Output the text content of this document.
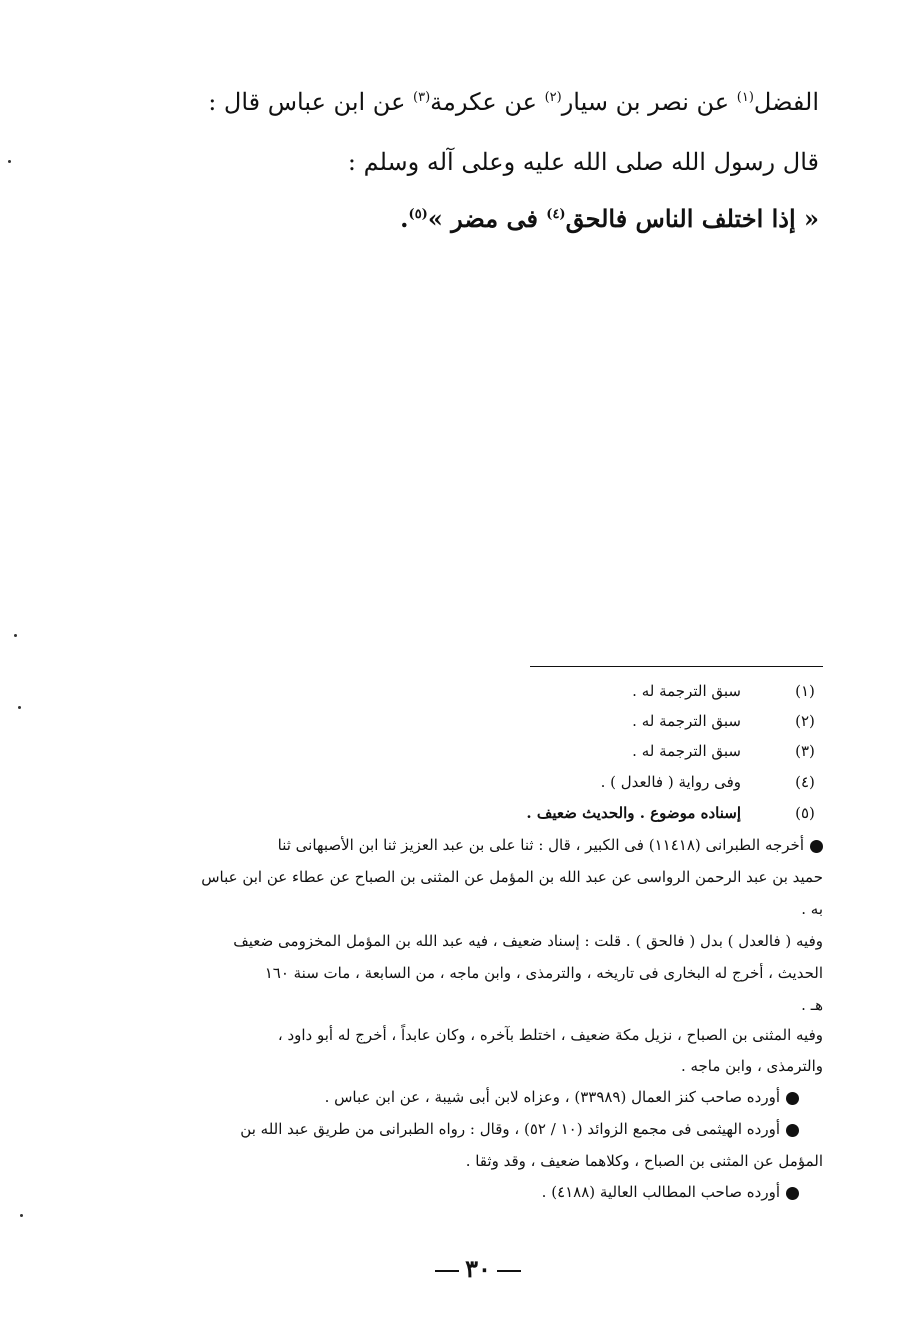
الفضل$^{(١)}$ عن نصر بن سيار$^{(٢)}$ عن عكرمة$^{(٣)}$ عن ابن عباس قال :
قال رسول الله صلى الله عليه وعلى آله وسلم :
« إذا اختلف الناس فالحق$^{(٤)}$ فى مضر »$^{(٥)}$.
(١)
سبق الترجمة له .
(٢)
سبق الترجمة له .
(٣)
سبق الترجمة له .
(٤)
وفى رواية ( فالعدل ) .
(٥)
إسناده موضوع . والحديث ضعيف .
أخرجه الطبرانى (١١٤١٨) فى الكبير ، قال : ثنا على بن عبد العزيز ثنا ابن الأصبهانى ثنا
حميد بن عبد الرحمن الرواسى عن عبد الله بن المؤمل عن المثنى بن الصباح عن عطاء عن ابن عباس
به .
وفيه ( فالعدل ) بدل ( فالحق ) . قلت : إسناد ضعيف ، فيه عبد الله بن المؤمل المخزومى ضعيف
الحديث ، أخرج له البخارى فى تاريخه ، والترمذى ، وابن ماجه ، من السابعة ، مات سنة ١٦٠
هـ .
وفيه المثنى بن الصباح ، نزيل مكة ضعيف ، اختلط بآخره ، وكان عابداً ، أخرج له أبو داود ،
والترمذى ، وابن ماجه .
أورده صاحب كنز العمال (٣٣٩٨٩) ، وعزاه لابن أبى شيبة ، عن ابن عباس .
أورده الهيثمى فى مجمع الزوائد (١٠ / ٥٢) ، وقال : رواه الطبرانى من طريق عبد الله بن
المؤمل عن المثنى بن الصباح ، وكلاهما ضعيف ، وقد وثقا .
أورده صاحب المطالب العالية (٤١٨٨) .
٣٠
